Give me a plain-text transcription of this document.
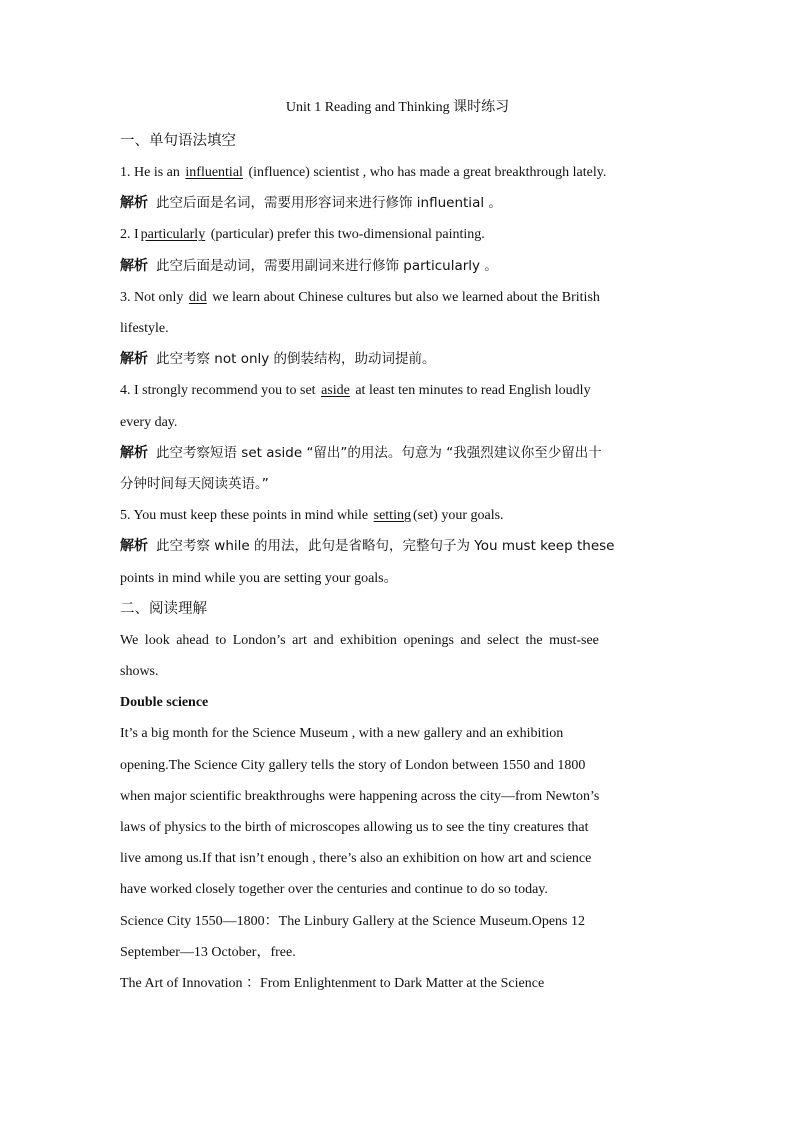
Unit 1 Reading and Thinking 课时练习
一、单句语法填空
1. He is an influential (influence) scientist , who has made a great breakthrough lately.
解析 此空后面是名词，需要用形容词来进行修饰 influential 。
2. I particularly (particular) prefer this two-dimensional painting.
解析 此空后面是动词，需要用副词来进行修饰 particularly 。
3. Not only did we learn about Chinese cultures but also we learned about the British
lifestyle.
解析 此空考察 not only 的倒装结构，助动词提前。
4. I strongly recommend you to set aside at least ten minutes to read English loudly
every day.
解析 此空考察短语 set aside “留出”的用法。句意为 “我强烈建议你至少留出十
分钟时间每天阅读英语。”
5. You must keep these points in mind while setting (set) your goals.
解析 此空考察 while 的用法，此句是省略句，完整句子为 You must keep these
points in mind while you are setting your goals。
二、阅读理解
We look ahead to London’s art and exhibition openings and select the must-see
shows.
Double science
It’s a big month for the Science Museum , with a new gallery and an exhibition
opening.The Science City gallery tells the story of London between 1550 and 1800
when major scientific breakthroughs were happening across the city—from Newton’s
laws of physics to the birth of microscopes allowing us to see the tiny creatures that
live among us.If that isn’t enough , there’s also an exhibition on how art and science
have worked closely together over the centuries and continue to do so today.
Science City 1550—1800：The Linbury Gallery at the Science Museum.Opens 12
September—13 October，free.
The Art of Innovation ：From Enlightenment to Dark Matter at the Science
